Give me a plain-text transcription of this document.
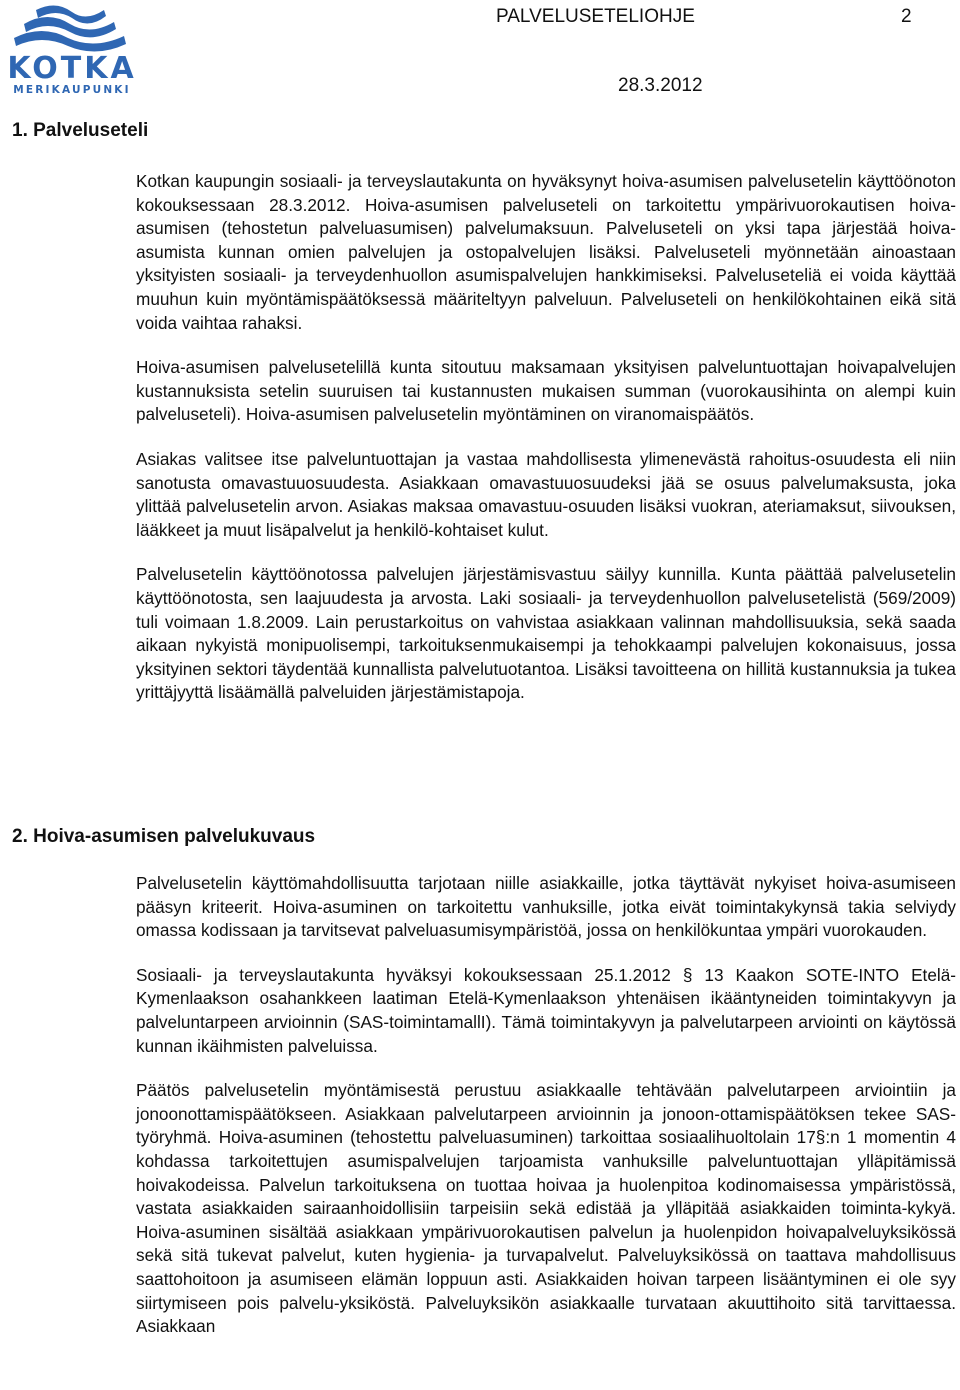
KOTKA
MERIKAUPUNKI
PALVELUSETELIOHJE	2
28.3.2012
1. Palveluseteli

Kotkan kaupungin sosiaali- ja terveyslautakunta on hyväksynyt hoiva-asumisen palvelusetelin käyttöönoton kokouksessaan 28.3.2012. Hoiva-asumisen palveluseteli on tarkoitettu ympärivuorokautisen hoiva-asumisen (tehostetun palveluasumisen) palvelumaksuun. Palveluseteli on yksi tapa järjestää hoiva-asumista kunnan omien palvelujen ja ostopalvelujen lisäksi. Palveluseteli myönnetään ainoastaan yksityisten sosiaali- ja terveydenhuollon asumispalvelujen hankkimiseksi. Palveluseteliä ei voida käyttää muuhun kuin myöntämispäätöksessä määriteltyyn palveluun. Palveluseteli on henkilökohtainen eikä sitä voida vaihtaa rahaksi.

Hoiva-asumisen palvelusetelillä kunta sitoutuu maksamaan yksityisen palveluntuottajan hoivapalvelujen kustannuksista setelin suuruisen tai kustannusten mukaisen summan (vuorokausihinta on alempi kuin palveluseteli). Hoiva-asumisen palvelusetelin myöntäminen on viranomaispäätös.

Asiakas valitsee itse palveluntuottajan ja vastaa mahdollisesta ylimenevästä rahoitus-osuudesta eli niin sanotusta omavastuuosuudesta. Asiakkaan omavastuuosuudeksi jää se osuus palvelumaksusta, joka ylittää palvelusetelin arvon. Asiakas maksaa omavastuu-osuuden lisäksi vuokran, ateriamaksut, siivouksen, lääkkeet ja muut lisäpalvelut ja henkilö-kohtaiset kulut.

Palvelusetelin käyttöönotossa palvelujen järjestämisvastuu säilyy kunnilla. Kunta päättää palvelusetelin käyttöönotosta, sen laajuudesta ja arvosta. Laki sosiaali- ja terveydenhuollon palvelusetelistä (569/2009) tuli voimaan 1.8.2009. Lain perustarkoitus on vahvistaa asiakkaan valinnan mahdollisuuksia, sekä saada aikaan nykyistä monipuolisempi, tarkoituksenmukaisempi ja tehokkaampi palvelujen kokonaisuus, jossa yksityinen sektori täydentää kunnallista palvelutuotantoa. Lisäksi tavoitteena on hillitä kustannuksia ja tukea yrittäjyyttä lisäämällä palveluiden järjestämistapoja.

2. Hoiva-asumisen palvelukuvaus

Palvelusetelin käyttömahdollisuutta tarjotaan niille asiakkaille, jotka täyttävät nykyiset hoiva-asumiseen pääsyn kriteerit. Hoiva-asuminen on tarkoitettu vanhuksille, jotka eivät toimintakykynsä takia selviydy omassa kodissaan ja tarvitsevat palveluasumisympäristöä, jossa on henkilökuntaa ympäri vuorokauden.

Sosiaali- ja terveyslautakunta hyväksyi kokouksessaan 25.1.2012 § 13 Kaakon SOTE-INTO Etelä-Kymenlaakson osahankkeen laatiman Etelä-Kymenlaakson yhtenäisen ikääntyneiden toimintakyvyn ja palveluntarpeen arvioinnin (SAS-toimintamallI). Tämä toimintakyvyn ja palvelutarpeen arviointi on käytössä kunnan ikäihmisten palveluissa.

Päätös palvelusetelin myöntämisestä perustuu asiakkaalle tehtävään palvelutarpeen arviointiin ja jonoonottamispäätökseen. Asiakkaan palvelutarpeen arvioinnin ja jonoon-ottamispäätöksen tekee SAS-työryhmä. Hoiva-asuminen (tehostettu palveluasuminen) tarkoittaa sosiaalihuoltolain 17§:n 1 momentin 4 kohdassa tarkoitettujen asumispalvelujen tarjoamista vanhuksille palveluntuottajan ylläpitämissä hoivakodeissa. Palvelun tarkoituksena on tuottaa hoivaa ja huolenpitoa kodinomaisessa ympäristössä, vastata asiakkaiden sairaanhoidollisiin tarpeisiin sekä edistää ja ylläpitää asiakkaiden toiminta-kykyä. Hoiva-asuminen sisältää asiakkaan ympärivuorokautisen palvelun ja huolenpidon hoivapalveluyksikössä sekä sitä tukevat palvelut, kuten hygienia- ja turvapalvelut. Palveluyksikössä on taattava mahdollisuus saattohoitoon ja asumiseen elämän loppuun asti. Asiakkaiden hoivan tarpeen lisääntyminen ei ole syy siirtymiseen pois palvelu-yksiköstä. Palveluyksikön asiakkaalle turvataan akuuttihoito sitä tarvittaessa. Asiakkaan
